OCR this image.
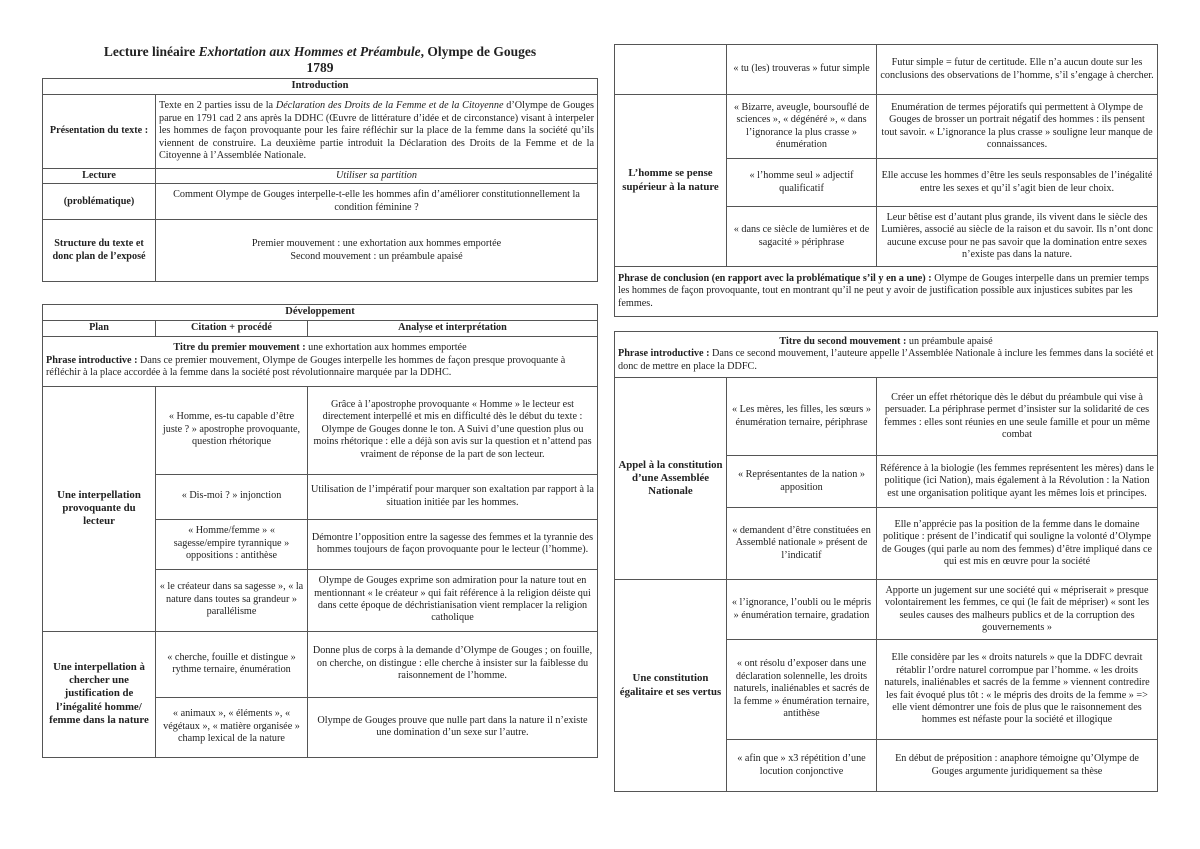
Lecture linéaire Exhortation aux Hommes et Préambule, Olympe de Gouges
1789
Introduction	
Présentation du texte :	Texte en 2 parties issu de la Déclaration des Droits de la Femme et de la Citoyenne d’Olympe de Gouges parue en 1791 cad 2 ans après la DDHC (Œuvre de littérature d’idée et de circonstance) visant à interpeler les hommes de façon provoquante pour les faire réfléchir sur la place de la femme dans la société qu’ils viennent de construire. La deuxième partie introduit la Déclaration des Droits de la Femme et de la Citoyenne à l’Assemblée Nationale.
Lecture	Utiliser sa partition
(problématique)	Comment Olympe de Gouges interpelle-t-elle les hommes afin d’améliorer constitutionnellement la condition féminine ?
Structure du texte et donc plan de l’exposé	Premier mouvement : une exhortation aux hommes emportée
Second mouvement : un préambule apaisé
Développement		
Plan	Citation + procédé	Analyse et interprétation
Titre du premier mouvement : une exhortation aux hommes emportée

Phrase introductive : Dans ce premier mouvement, Olympe de Gouges interpelle les hommes de façon presque provoquante à réfléchir à la place accordée à la femme dans la société post révolutionnaire marquée par la DDHC.		

Une interpellation provoquante du lecteur	« Homme, es-tu capable d’être juste ? » apostrophe provoquante, question rhétorique	Grâce à l’apostrophe provoquante « Homme » le lecteur est directement interpellé et mis en difficulté dès le début du texte : Olympe de Gouges donne le ton. A Suivi d’une question plus ou moins rhétorique : elle a déjà son avis sur la question et n’attend pas vraiment de réponse de la part de son lecteur.
	« Dis-moi ? » injonction	Utilisation de l’impératif pour marquer son exaltation par rapport à la situation initiée par les hommes.
	« Homme/femme » « sagesse/empire tyrannique » oppositions : antithèse	Démontre l’opposition entre la sagesse des femmes et la tyrannie des hommes toujours de façon provoquante pour le lecteur (l’homme).
	« le créateur dans sa sagesse », « la nature dans toutes sa grandeur » parallélisme	Olympe de Gouges exprime son admiration pour la nature tout en mentionnant « le créateur » qui fait référence à la religion déiste qui dans cette époque de déchristianisation vient remplacer la religion catholique
Une interpellation à chercher une justification de l’inégalité homme/ femme dans la nature	« cherche, fouille et distingue » rythme ternaire, énumération	Donne plus de corps à la demande d’Olympe de Gouges ; on fouille, on cherche, on distingue : elle cherche à insister sur la faiblesse du raisonnement de l’homme.
	« animaux », « éléments », « végétaux », « matière organisée » champ lexical de la nature	Olympe de Gouges prouve que nulle part dans la nature il n’existe une domination d’un sexe sur l’autre.
	« tu (les) trouveras » futur simple	Futur simple = futur de certitude. Elle n’a aucun doute sur les conclusions des observations de l’homme, s’il s’engage à chercher.
L’homme se pense supérieur à la nature	« Bizarre, aveugle, boursouflé de sciences », « dégénéré », « dans l’ignorance la plus crasse » énumération	Enumération de termes péjoratifs qui permettent à Olympe de Gouges de brosser un portrait négatif des hommes : ils pensent tout savoir. « L’ignorance la plus crasse » souligne leur manque de connaissances.
	« l’homme seul » adjectif qualificatif	Elle accuse les hommes d’être les seuls responsables de l’inégalité entre les sexes et qu’il s’agit bien de leur choix.
	« dans ce siècle de lumières et de sagacité » périphrase	Leur bêtise est d’autant plus grande, ils vivent dans le siècle des Lumières, associé au siècle de la raison et du savoir. Ils n’ont donc aucune excuse pour ne pas savoir que la domination entre sexes n’existe pas dans la nature.
Phrase de conclusion (en rapport avec la problématique s’il y en a une) : Olympe de Gouges interpelle dans un premier temps les hommes de façon provoquante, tout en montrant qu’il ne peut y avoir de justification possible aux injustices subites par les femmes.		

Titre du second mouvement : un préambule apaisé

Phrase introductive : Dans ce second mouvement, l’auteure appelle l’Assemblée Nationale à inclure les femmes dans la société et donc de mettre en place la DDFC.		

Appel à la constitution d’une Assemblée Nationale	« Les mères, les filles, les sœurs » énumération ternaire, périphrase	Créer un effet rhétorique dès le début du préambule qui vise à persuader. La périphrase permet d’insister sur la solidarité de ces femmes : elles sont réunies en une seule famille et pour un même combat
	« Représentantes de la nation » apposition	Référence à la biologie (les femmes représentent les mères) dans le politique (ici Nation), mais également à la Révolution : la Nation est une organisation politique ayant les mêmes lois et principes.
	« demandent d’être constituées en Assemblé nationale » présent de l’indicatif	Elle n’apprécie pas la position de la femme dans le domaine politique : présent de l’indicatif qui souligne la volonté d’Olympe de Gouges (qui parle au nom des femmes) d’être impliqué dans ce qui est mis en œuvre pour la société
Une constitution égalitaire et ses vertus	« l’ignorance, l’oubli ou le mépris » énumération ternaire, gradation	Apporte un jugement sur une société qui « mépriserait » presque volontairement les femmes, ce qui (le fait de mépriser) « sont les seules causes des malheurs publics et de la corruption des gouvernements »
	« ont résolu d’exposer dans une déclaration solennelle, les droits naturels, inaliénables et sacrés de la femme » énumération ternaire, antithèse	Elle considère par les « droits naturels » que la DDFC devrait rétablir l’ordre naturel corrompue par l’homme. « les droits naturels, inaliénables et sacrés de la femme » viennent contredire les fait évoqué plus tôt : « le mépris des droits de la femme » => elle vient démontrer une fois de plus que le raisonnement des hommes est néfaste pour la société et illogique
	« afin que » x3 répétition d’une locution conjonctive	En début de préposition : anaphore témoigne qu’Olympe de Gouges argumente juridiquement sa thèse
